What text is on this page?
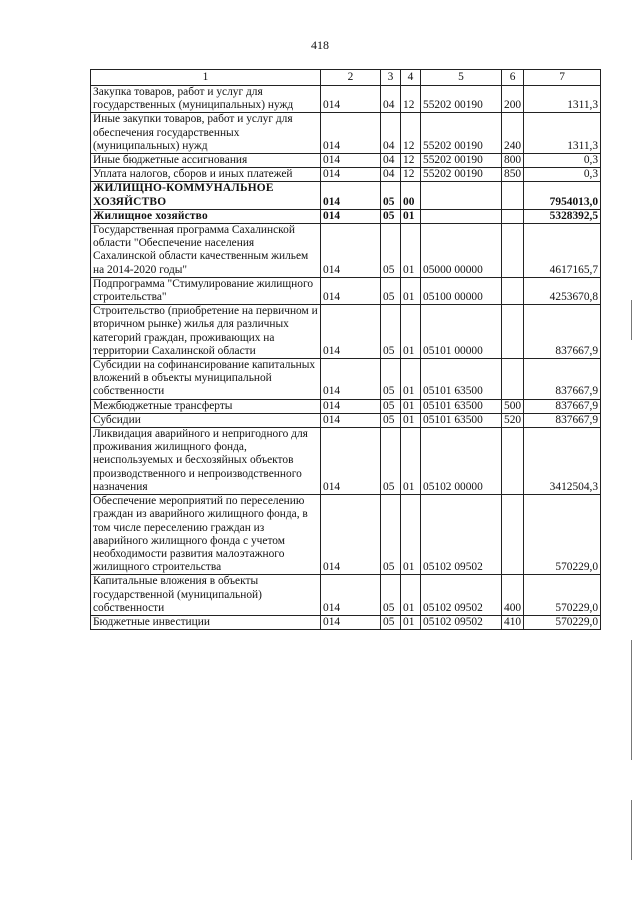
418
1	2	3	4	5	6	7
Закупка товаров, работ и услуг для государственных (муниципальных) нужд	014	04	12	55202 00190	200	1311,3
Иные закупки товаров, работ и услуг для обеспечения государственных (муниципальных) нужд	014	04	12	55202 00190	240	1311,3
Иные бюджетные ассигнования	014	04	12	55202 00190	800	0,3
Уплата налогов, сборов и иных платежей	014	04	12	55202 00190	850	0,3
ЖИЛИЩНО-КОММУНАЛЬНОЕ ХОЗЯЙСТВО	014	05	00			7954013,0
Жилищное хозяйство	014	05	01			5328392,5
Государственная программа Сахалинской области "Обеспечение населения Сахалинской области качественным жильем на 2014-2020 годы"	014	05	01	05000 00000		4617165,7
Подпрограмма "Стимулирование жилищного строительства"	014	05	01	05100 00000		4253670,8
Строительство (приобретение на первичном и вторичном рынке) жилья для различных категорий граждан, проживающих на территории Сахалинской области	014	05	01	05101 00000		837667,9
Субсидии на софинансирование капитальных вложений в объекты муниципальной собственности	014	05	01	05101 63500		837667,9
Межбюджетные трансферты	014	05	01	05101 63500	500	837667,9
Субсидии	014	05	01	05101 63500	520	837667,9
Ликвидация аварийного и непригодного для проживания жилищного фонда, неиспользуемых и бесхозяйных объектов производственного и непроизводственного назначения	014	05	01	05102 00000		3412504,3
Обеспечение мероприятий по переселению граждан из аварийного жилищного фонда, в том числе переселению граждан из аварийного жилищного фонда с учетом необходимости развития малоэтажного жилищного строительства	014	05	01	05102 09502		570229,0
Капитальные вложения в объекты государственной (муниципальной) собственности	014	05	01	05102 09502	400	570229,0
Бюджетные инвестиции	014	05	01	05102 09502	410	570229,0
